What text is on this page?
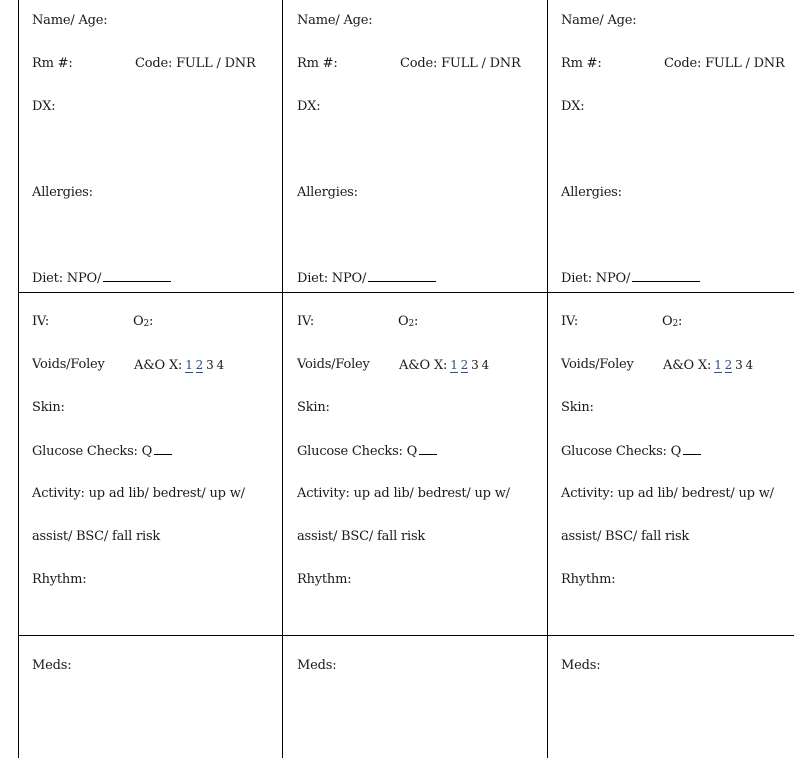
Name/ Age:
Rm #:	Code: FULL / DNR
DX:
Allergies:
Diet: NPO/
IV:	O2:
Voids/Foley A&O X: 1 2 3 4
Skin:
Glucose Checks: Q
Activity: up ad lib/ bedrest/ up w/
assist/ BSC/ fall risk
Rhythm:
Meds:
Name/ Age:
Rm #:	Code: FULL / DNR
DX:
Allergies:
Diet: NPO/
IV:	O2:
Voids/Foley A&O X: 1 2 3 4
Skin:
Glucose Checks: Q
Activity: up ad lib/ bedrest/ up w/
assist/ BSC/ fall risk
Rhythm:
Meds:
Name/ Age:
Rm #:	Code: FULL / DNR
DX:
Allergies:
Diet: NPO/
IV:	O2:
Voids/Foley A&O X: 1 2 3 4
Skin:
Glucose Checks: Q
Activity: up ad lib/ bedrest/ up w/
assist/ BSC/ fall risk
Rhythm:
Meds:
